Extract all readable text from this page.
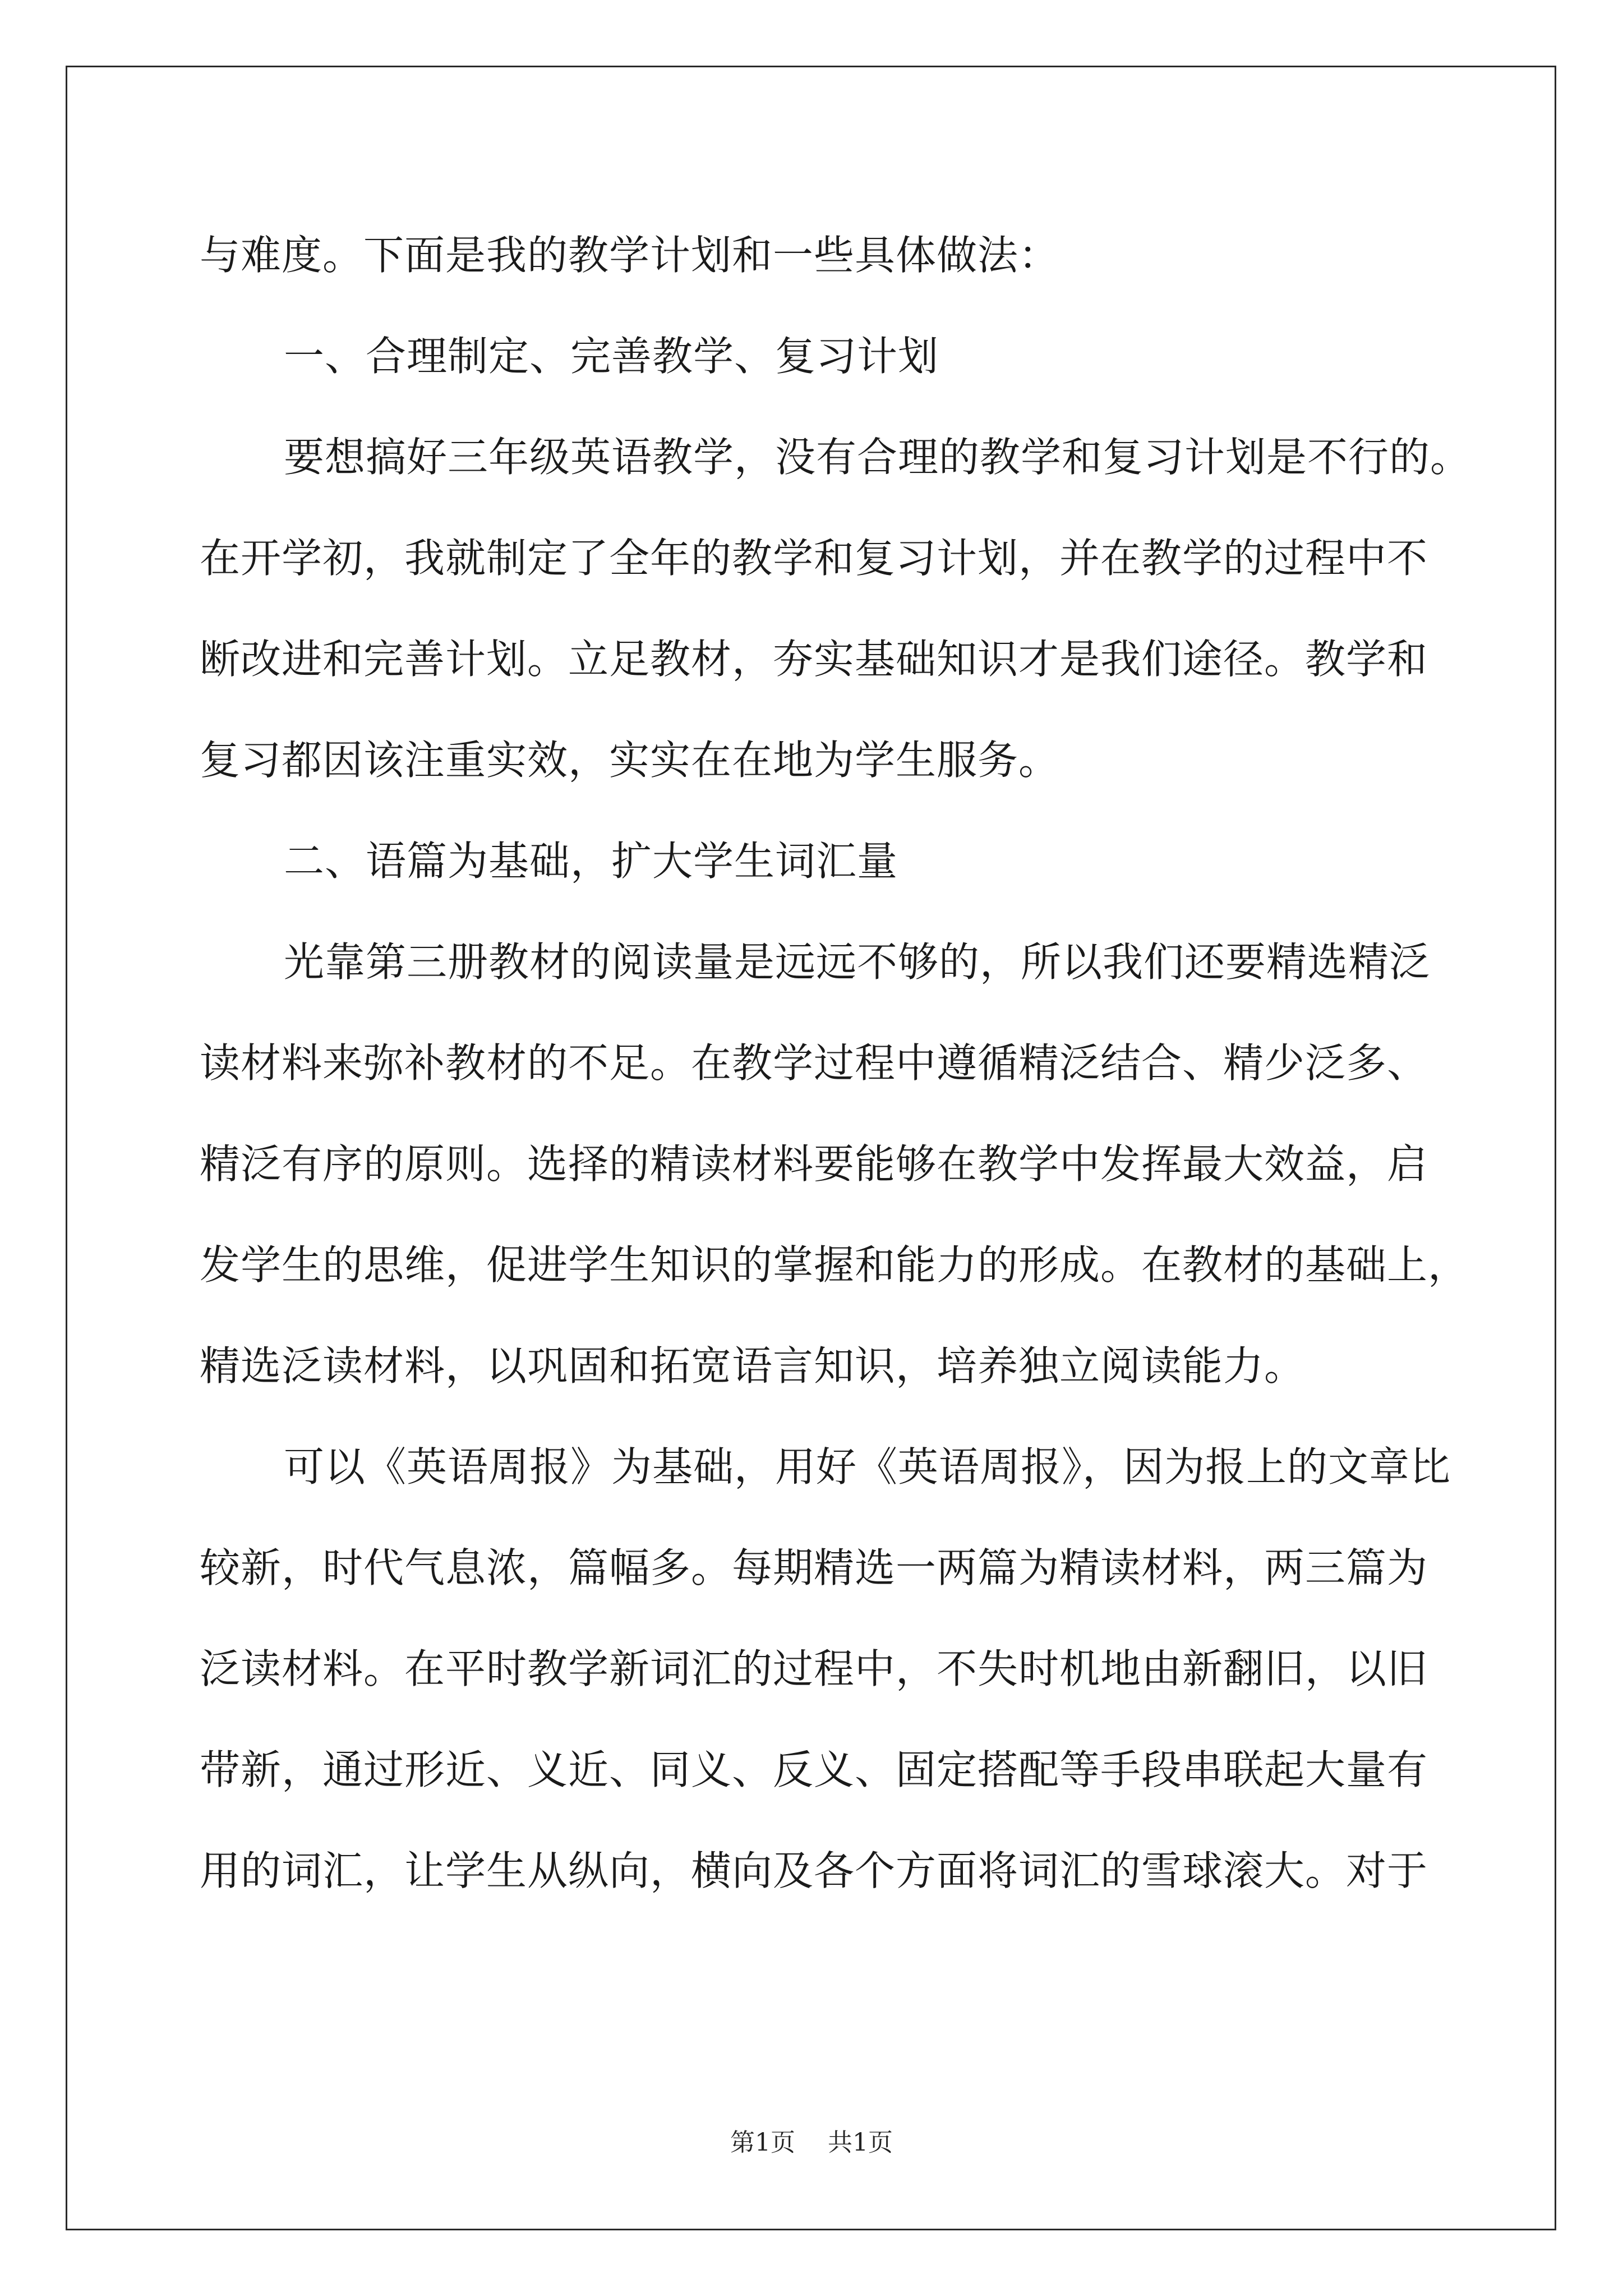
与难度。下面是我的教学计划和一些具体做法：
一、合理制定、完善教学、复习计划
要想搞好三年级英语教学，没有合理的教学和复习计划是不行的。
在开学初，我就制定了全年的教学和复习计划，并在教学的过程中不
断改进和完善计划。立足教材，夯实基础知识才是我们途径。教学和
复习都因该注重实效，实实在在地为学生服务。
二、语篇为基础，扩大学生词汇量
光靠第三册教材的阅读量是远远不够的，所以我们还要精选精泛
读材料来弥补教材的不足。在教学过程中遵循精泛结合、精少泛多、
精泛有序的原则。选择的精读材料要能够在教学中发挥最大效益，启
发学生的思维，促进学生知识的掌握和能力的形成。在教材的基础上，
精选泛读材料，以巩固和拓宽语言知识，培养独立阅读能力。
可以《英语周报》为基础，用好《英语周报》，因为报上的文章比
较新，时代气息浓，篇幅多。每期精选一两篇为精读材料，两三篇为
泛读材料。在平时教学新词汇的过程中，不失时机地由新翻旧，以旧
带新，通过形近、义近、同义、反义、固定搭配等手段串联起大量有
用的词汇，让学生从纵向，横向及各个方面将词汇的雪球滚大。对于
第1页 共1页
